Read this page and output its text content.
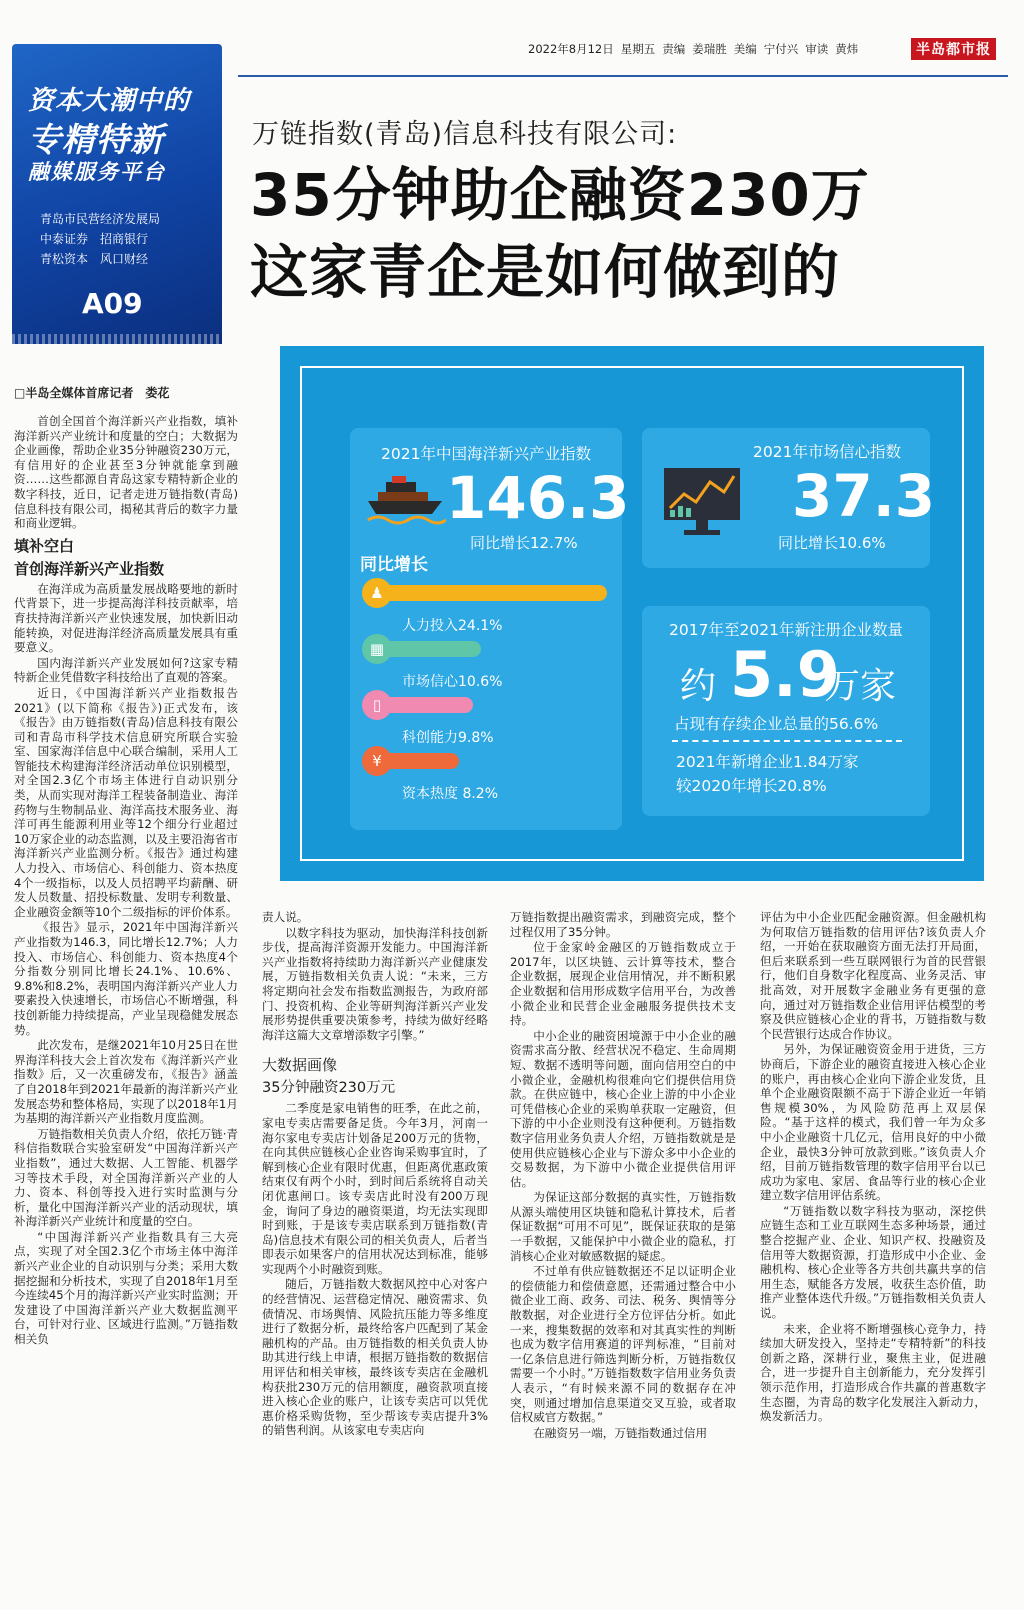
2022年8月12日 星期五 责编 姜瑞胜 美编 宁付兴 审读 黄炜	半岛都市报
资本大潮中的
专精特新
融媒服务平台
青岛市民营经济发展局
中泰证券　招商银行
青松资本　风口财经
A09
□半岛全媒体首席记者　娄花
万链指数(青岛)信息科技有限公司:
35分钟助企融资230万
这家青企是如何做到的
2021年中国海洋新兴产业指数
146.3
同比增长12.7%
同比增长
♟
人力投入24.1%
▦
市场信心10.6%
▯
科创能力9.8%
¥
资本热度 8.2%
2021年市场信心指数
37.3
同比增长10.6%
2017年至2021年新注册企业数量
约 5.9
万家
占现有存续企业总量的56.6%
2021年新增企业1.84万家
较2020年增长20.8%

首创全国首个海洋新兴产业指数，填补海洋新兴产业统计和度量的空白；大数据为企业画像，帮助企业35分钟融资230万元，有信用好的企业甚至3分钟就能拿到融资……这些都源自青岛这家专精特新企业的数字科技，近日，记者走进万链指数(青岛)信息科技有限公司，揭秘其背后的数字力量和商业逻辑。

填补空白
首创海洋新兴产业指数

在海洋成为高质量发展战略要地的新时代背景下，进一步提高海洋科技贡献率，培育扶持海洋新兴产业快速发展，加快新旧动能转换，对促进海洋经济高质量发展具有重要意义。

国内海洋新兴产业发展如何?这家专精特新企业凭借数字科技给出了直观的答案。

近日，《中国海洋新兴产业指数报告2021》(以下简称《报告》)正式发布，该《报告》由万链指数(青岛)信息科技有限公司和青岛市科学技术信息研究所联合实验室、国家海洋信息中心联合编制，采用人工智能技术构建海洋经济活动单位识别模型，对全国2.3亿个市场主体进行自动识别分类，从而实现对海洋工程装备制造业、海洋药物与生物制品业、海洋高技术服务业、海洋可再生能源利用业等12个细分行业超过10万家企业的动态监测，以及主要沿海省市海洋新兴产业监测分析。《报告》通过构建人力投入、市场信心、科创能力、资本热度4个一级指标，以及人员招聘平均薪酬、研发人员数量、招投标数量、发明专利数量、企业融资金额等10个二级指标的评价体系。

《报告》显示，2021年中国海洋新兴产业指数为146.3，同比增长12.7%；人力投入、市场信心、科创能力、资本热度4个分指数分别同比增长24.1%、10.6%、9.8%和8.2%，表明国内海洋新兴产业人力要素投入快速增长，市场信心不断增强，科技创新能力持续提高，产业呈现稳健发展态势。

此次发布，是继2021年10月25日在世界海洋科技大会上首次发布《海洋新兴产业指数》后，又一次重磅发布，《报告》涵盖了自2018年到2021年最新的海洋新兴产业发展态势和整体格局，实现了以2018年1月为基期的海洋新兴产业指数月度监测。

万链指数相关负责人介绍，依托万链·青科信指数联合实验室研发“中国海洋新兴产业指数”，通过大数据、人工智能、机器学习等技术手段，对全国海洋新兴产业的人力、资本、科创等投入进行实时监测与分析，量化中国海洋新兴产业的活动现状，填补海洋新兴产业统计和度量的空白。

“中国海洋新兴产业指数具有三大亮点，实现了对全国2.3亿个市场主体中海洋新兴产业企业的自动识别与分类；采用大数据挖掘和分析技术，实现了自2018年1月至今连续45个月的海洋新兴产业实时监测；开发建设了中国海洋新兴产业大数据监测平台，可针对行业、区域进行监测。”万链指数相关负

责人说。

以数字科技为驱动，加快海洋科技创新步伐，提高海洋资源开发能力。中国海洋新兴产业指数将持续助力海洋新兴产业健康发展，万链指数相关负责人说：“未来，三方将定期向社会发布指数监测报告，为政府部门、投资机构、企业等研判海洋新兴产业发展形势提供重要决策参考，持续为做好经略海洋这篇大文章增添数字引擎。”

大数据画像
35分钟融资230万元

二季度是家电销售的旺季，在此之前，家电专卖店需要备足货。今年3月，河南一海尔家电专卖店计划备足200万元的货物，在向其供应链核心企业咨询采购事宜时，了解到核心企业有限时优惠，但距离优惠政策结束仅有两个小时，到时间后系统将自动关闭优惠闸口。该专卖店此时没有200万现金，询问了身边的融资渠道，均无法实现即时到账，于是该专卖店联系到万链指数(青岛)信息技术有限公司的相关负责人，后者当即表示如果客户的信用状况达到标准，能够实现两个小时融资到账。

随后，万链指数大数据风控中心对客户的经营情况、运营稳定情况、融资需求、负债情况、市场舆情、风险抗压能力等多维度进行了数据分析，最终给客户匹配到了某金融机构的产品。由万链指数的相关负责人协助其进行线上申请，根据万链指数的数据信用评估和相关审核，最终该专卖店在金融机构获批230万元的信用额度，融资款项直接进入核心企业的账户，让该专卖店可以凭优惠价格采购货物，至少帮该专卖店提升3%的销售利润。从该家电专卖店向

万链指数提出融资需求，到融资完成，整个过程仅用了35分钟。

位于金家岭金融区的万链指数成立于2017年，以区块链、云计算等技术，整合企业数据，展现企业信用情况，并不断积累企业数据和信用形成数字信用平台，为改善小微企业和民营企业金融服务提供技术支持。

中小企业的融资困境源于中小企业的融资需求高分散、经营状况不稳定、生命周期短、数据不透明等问题，面向信用空白的中小微企业，金融机构很难向它们提供信用贷款。在供应链中，核心企业上游的中小企业可凭借核心企业的采购单获取一定融资，但下游的中小企业则没有这种便利。万链指数数字信用业务负责人介绍，万链指数就是是使用供应链核心企业与下游众多中小企业的交易数据，为下游中小微企业提供信用评估。

为保证这部分数据的真实性，万链指数从源头端使用区块链和隐私计算技术，后者保证数据“可用不可见”，既保证获取的是第一手数据，又能保护中小微企业的隐私，打消核心企业对敏感数据的疑虑。

不过单有供应链数据还不足以证明企业的偿债能力和偿债意愿，还需通过整合中小微企业工商、政务、司法、税务、舆情等分散数据，对企业进行全方位评估分析。如此一来，搜集数据的效率和对其真实性的判断也成为数字信用赛道的评判标准，“目前对一亿条信息进行筛选判断分析，万链指数仅需要一个小时。”万链指数数字信用业务负责人表示，“有时候来源不同的数据存在冲突，则通过增加信息渠道交叉互验，或者取信权威官方数据。”

在融资另一端，万链指数通过信用

评估为中小企业匹配金融资源。但金融机构为何取信万链指数的信用评估?该负责人介绍，一开始在获取融资方面无法打开局面，但后来联系到一些互联网银行为首的民营银行，他们自身数字化程度高、业务灵活、审批高效，对开展数字金融业务有更强的意向，通过对万链指数企业信用评估模型的考察及供应链核心企业的背书，万链指数与数个民营银行达成合作协议。

另外，为保证融资资金用于进货，三方协商后，下游企业的融资直接进入核心企业的账户，再由核心企业向下游企业发货，且单个企业融资限额不高于下游企业近一年销售规模30%，为风险防范再上双层保险。“基于这样的模式，我们曾一年为众多中小企业融资十几亿元，信用良好的中小微企业，最快3分钟可放款到账。”该负责人介绍，目前万链指数管理的数字信用平台以已成功为家电、家居、食品等行业的核心企业建立数字信用评估系统。

“万链指数以数字科技为驱动，深挖供应链生态和工业互联网生态多种场景，通过整合挖掘产业、企业、知识产权、投融资及信用等大数据资源，打造形成中小企业、金融机构、核心企业等各方共创共赢共享的信用生态，赋能各方发展，收获生态价值，助推产业整体迭代升级。”万链指数相关负责人说。

未来，企业将不断增强核心竞争力，持续加大研发投入，坚持走“专精特新”的科技创新之路，深耕行业，聚焦主业，促进融合，进一步提升自主创新能力，充分发挥引领示范作用，打造形成合作共赢的普惠数字生态圈，为青岛的数字化发展注入新动力，焕发新活力。
